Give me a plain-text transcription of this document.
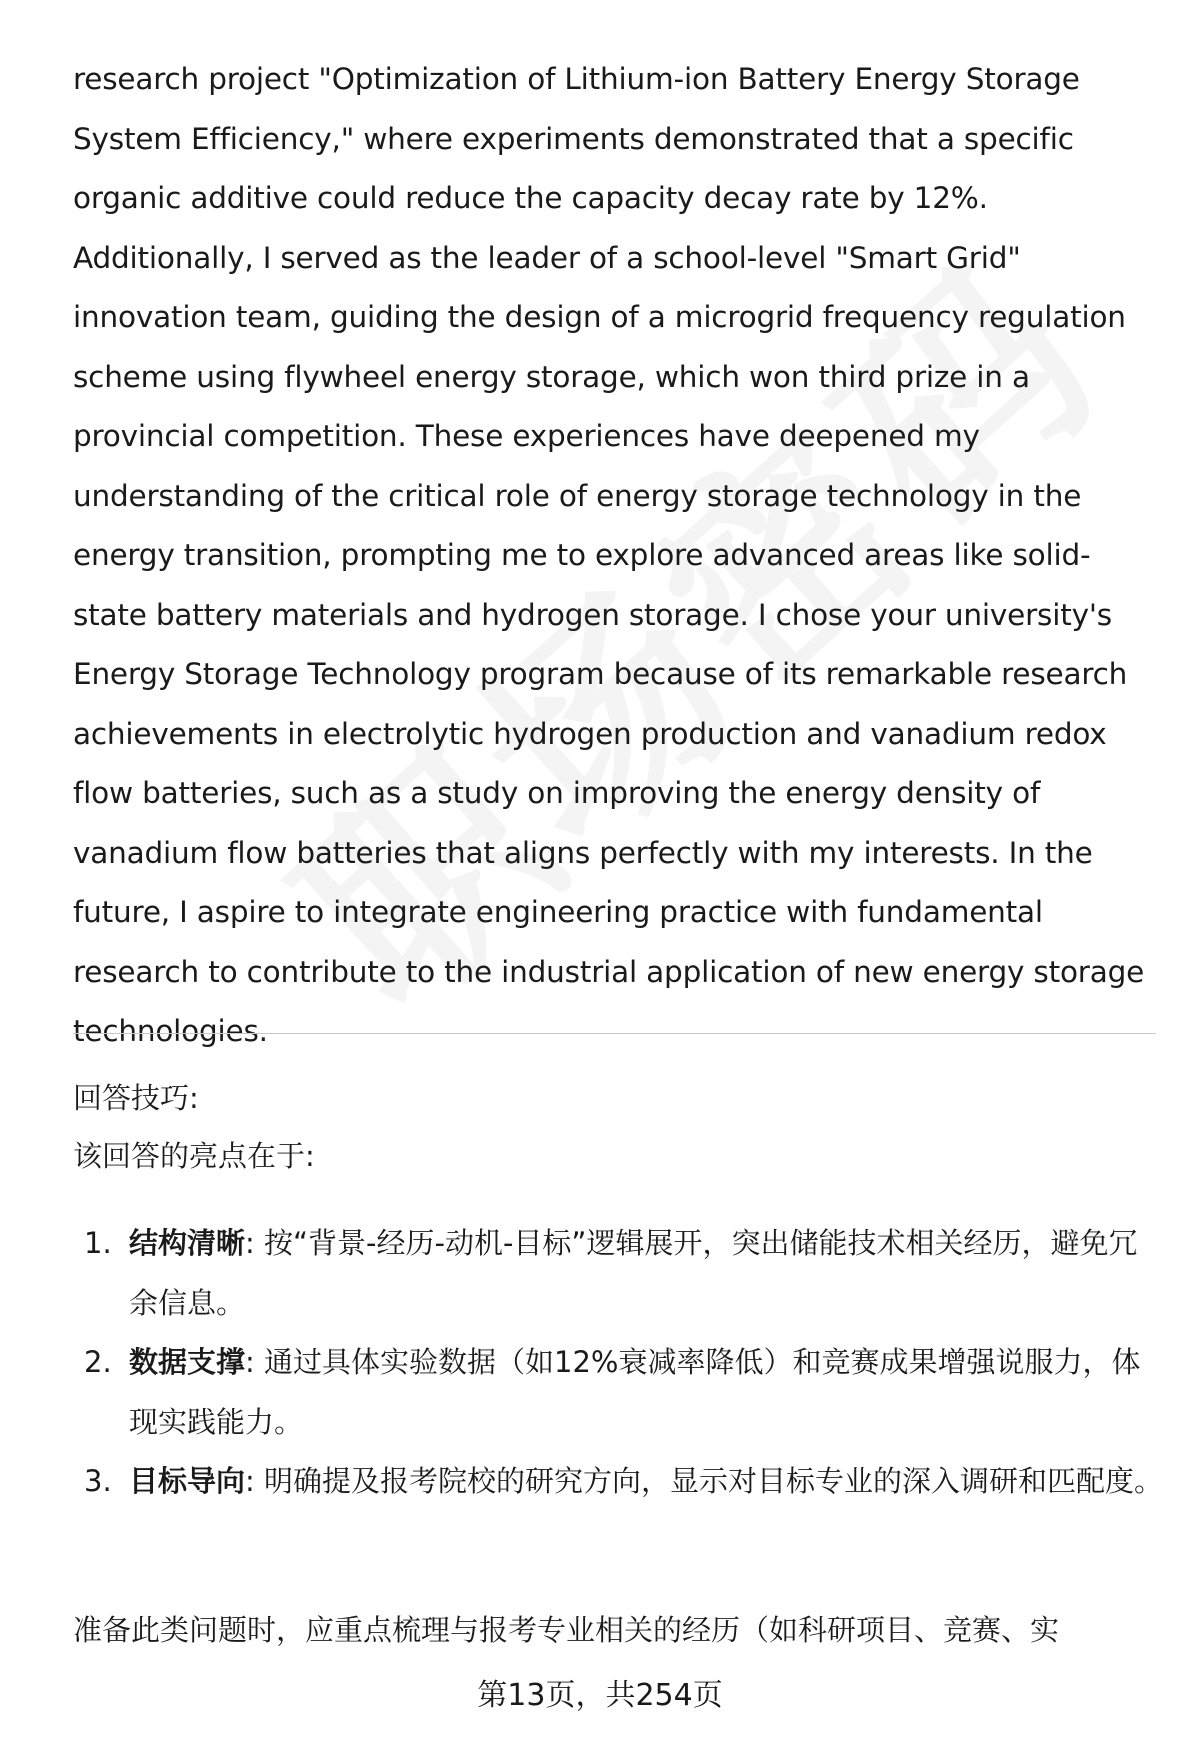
research project "Optimization of Lithium-ion Battery Energy Storage System Efficiency," where experiments demonstrated that a specific organic additive could reduce the capacity decay rate by 12%. Additionally, I served as the leader of a school-level "Smart Grid" innovation team, guiding the design of a microgrid frequency regulation scheme using flywheel energy storage, which won third prize in a provincial competition. These experiences have deepened my understanding of the critical role of energy storage technology in the energy transition, prompting me to explore advanced areas like solid-state battery materials and hydrogen storage. I chose your university's Energy Storage Technology program because of its remarkable research achievements in electrolytic hydrogen production and vanadium redox flow batteries, such as a study on improving the energy density of vanadium flow batteries that aligns perfectly with my interests. In the future, I aspire to integrate engineering practice with fundamental research to contribute to the industrial application of new energy storage technologies.

回答技巧:

该回答的亮点在于:

1. 结构清晰: 按“背景-经历-动机-目标”逻辑展开，突出储能技术相关经历，避免冗余信息。
2. 数据支撑: 通过具体实验数据（如12%衰减率降低）和竞赛成果增强说服力，体现实践能力。
3. 目标导向: 明确提及报考院校的研究方向，显示对目标专业的深入调研和匹配度。

准备此类问题时，应重点梳理与报考专业相关的经历（如科研项目、竞赛、实

第13页，共254页
